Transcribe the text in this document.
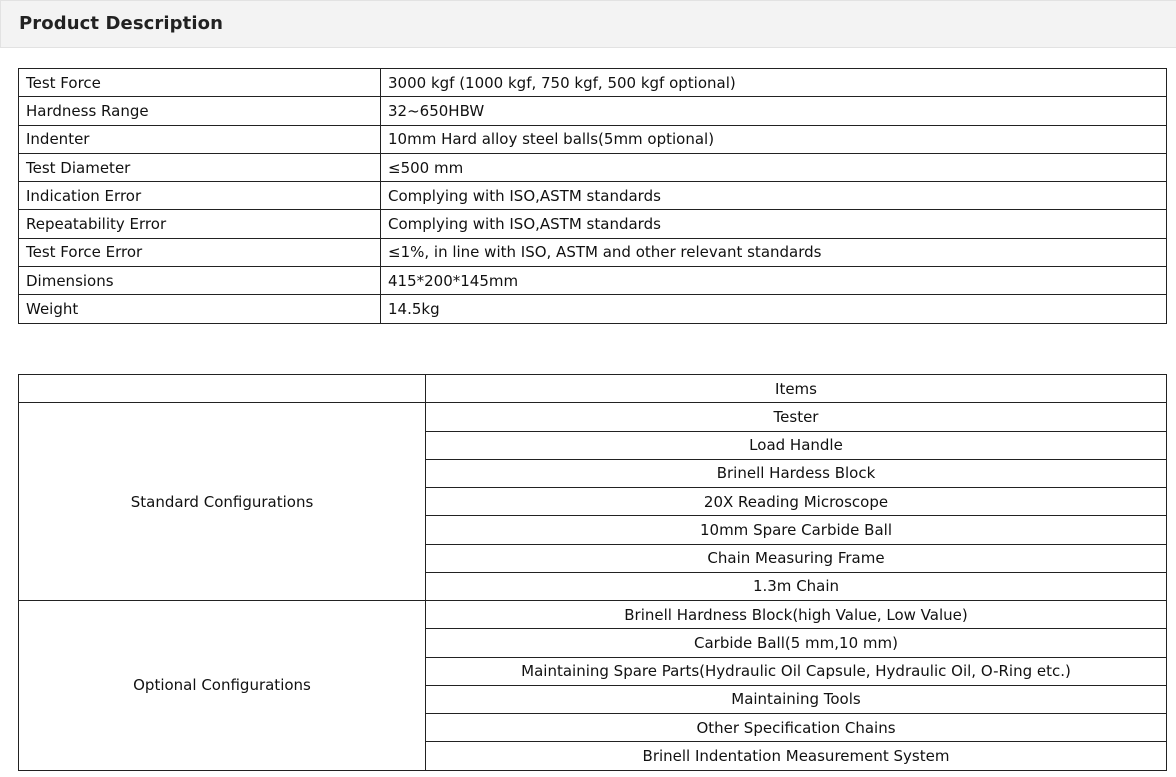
Product Description
Test Force	3000 kgf (1000 kgf, 750 kgf, 500 kgf optional)
Hardness Range	32~650HBW
Indenter	10mm Hard alloy steel balls(5mm optional)
Test Diameter	≤500 mm
Indication Error	Complying with ISO,ASTM standards
Repeatability Error	Complying with ISO,ASTM standards
Test Force Error	≤1%, in line with ISO, ASTM and other relevant standards
Dimensions	415*200*145mm
Weight	14.5kg
	Items
Standard Configurations	Tester
	Load Handle
	Brinell Hardess Block
	20X Reading Microscope
	10mm Spare Carbide Ball
	Chain Measuring Frame
	1.3m Chain
Optional Configurations	Brinell Hardness Block(high Value, Low Value)
	Carbide Ball(5 mm,10 mm)
	Maintaining Spare Parts(Hydraulic Oil Capsule, Hydraulic Oil, O-Ring etc.)
	Maintaining Tools
	Other Specification Chains
	Brinell Indentation Measurement System
